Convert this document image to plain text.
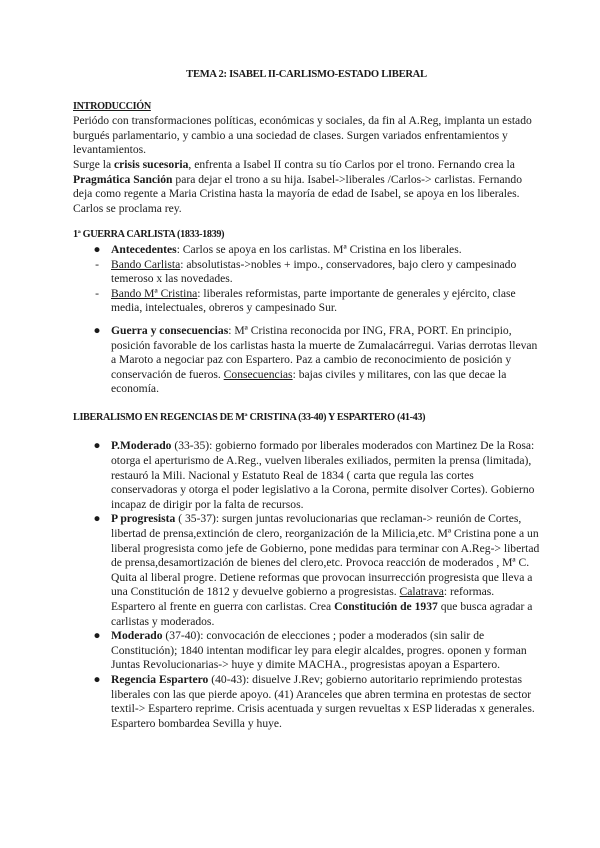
TEMA 2: ISABEL II-CARLISMO-ESTADO LIBERAL
INTRODUCCIÓN

Periódo con transformaciones políticas, económicas y sociales, da fin al A.Reg, implanta un estado burgués parlamentario, y cambio a una sociedad de clases. Surgen variados enfrentamientos y levantamientos.

Surge la crisis sucesoria, enfrenta a Isabel II contra su tío Carlos por el trono. Fernando crea la Pragmática Sanción para dejar el trono a su hija. Isabel->liberales /Carlos-> carlistas. Fernando deja como regente a Maria Cristina hasta la mayoría de edad de Isabel, se apoya en los liberales. Carlos se proclama rey.

1ª GUERRA CARLISTA (1833-1839)
● Antecedentes: Carlos se apoya en los carlistas. Mª Cristina en los liberales.
-	Bando Carlista: absolutistas->nobles + impo., conservadores, bajo clero y campesinado temeroso x las novedades.
-	Bando Mª Cristina: liberales reformistas, parte importante de generales y ejército, clase media, intelectuales, obreros y campesinado Sur.
● Guerra y consecuencias: Mª Cristina reconocida por ING, FRA, PORT. En principio, posición favorable de los carlistas hasta la muerte de Zumalacárregui. Varias derrotas llevan a Maroto a negociar paz con Espartero. Paz a cambio de reconocimiento de posición y conservación de fueros. Consecuencias: bajas civiles y militares, con las que decae la economía.
LIBERALISMO EN REGENCIAS DE Mª CRISTINA (33-40) Y ESPARTERO (41-43)
● P.Moderado (33-35): gobierno formado por liberales moderados con Martinez De la Rosa: otorga el aperturismo de A.Reg., vuelven liberales exiliados, permiten la prensa (limitada), restauró la Mili. Nacional y Estatuto Real de 1834 ( carta que regula las cortes conservadoras y otorga el poder legislativo a la Corona, permite disolver Cortes). Gobierno incapaz de dirigir por la falta de recursos.
● P progresista ( 35-37): surgen juntas revolucionarias que reclaman-> reunión de Cortes, libertad de prensa,extinción de clero, reorganización de la Milicia,etc. Mª Cristina pone a un liberal progresista como jefe de Gobierno, pone medidas para terminar con A.Reg-> libertad de prensa,desamortización de bienes del clero,etc. Provoca reacción de moderados , Mª C. Quita al liberal progre. Detiene reformas que provocan insurrección progresista que lleva a una Constitución de 1812 y devuelve gobierno a progresistas. Calatrava: reformas. Espartero al frente en guerra con carlistas. Crea Constitución de 1937 que busca agradar a carlistas y moderados.
● Moderado (37-40): convocación de elecciones ; poder a moderados (sin salir de Constitución); 1840 intentan modificar ley para elegir alcaldes, progres. oponen y forman Juntas Revolucionarias-> huye y dimite MACHA., progresistas apoyan a Espartero.
● Regencia Espartero (40-43): disuelve J.Rev; gobierno autoritario reprimiendo protestas liberales con las que pierde apoyo. (41) Aranceles que abren termina en protestas de sector textil-> Espartero reprime. Crisis acentuada y surgen revueltas x ESP lideradas x generales. Espartero bombardea Sevilla y huye.
